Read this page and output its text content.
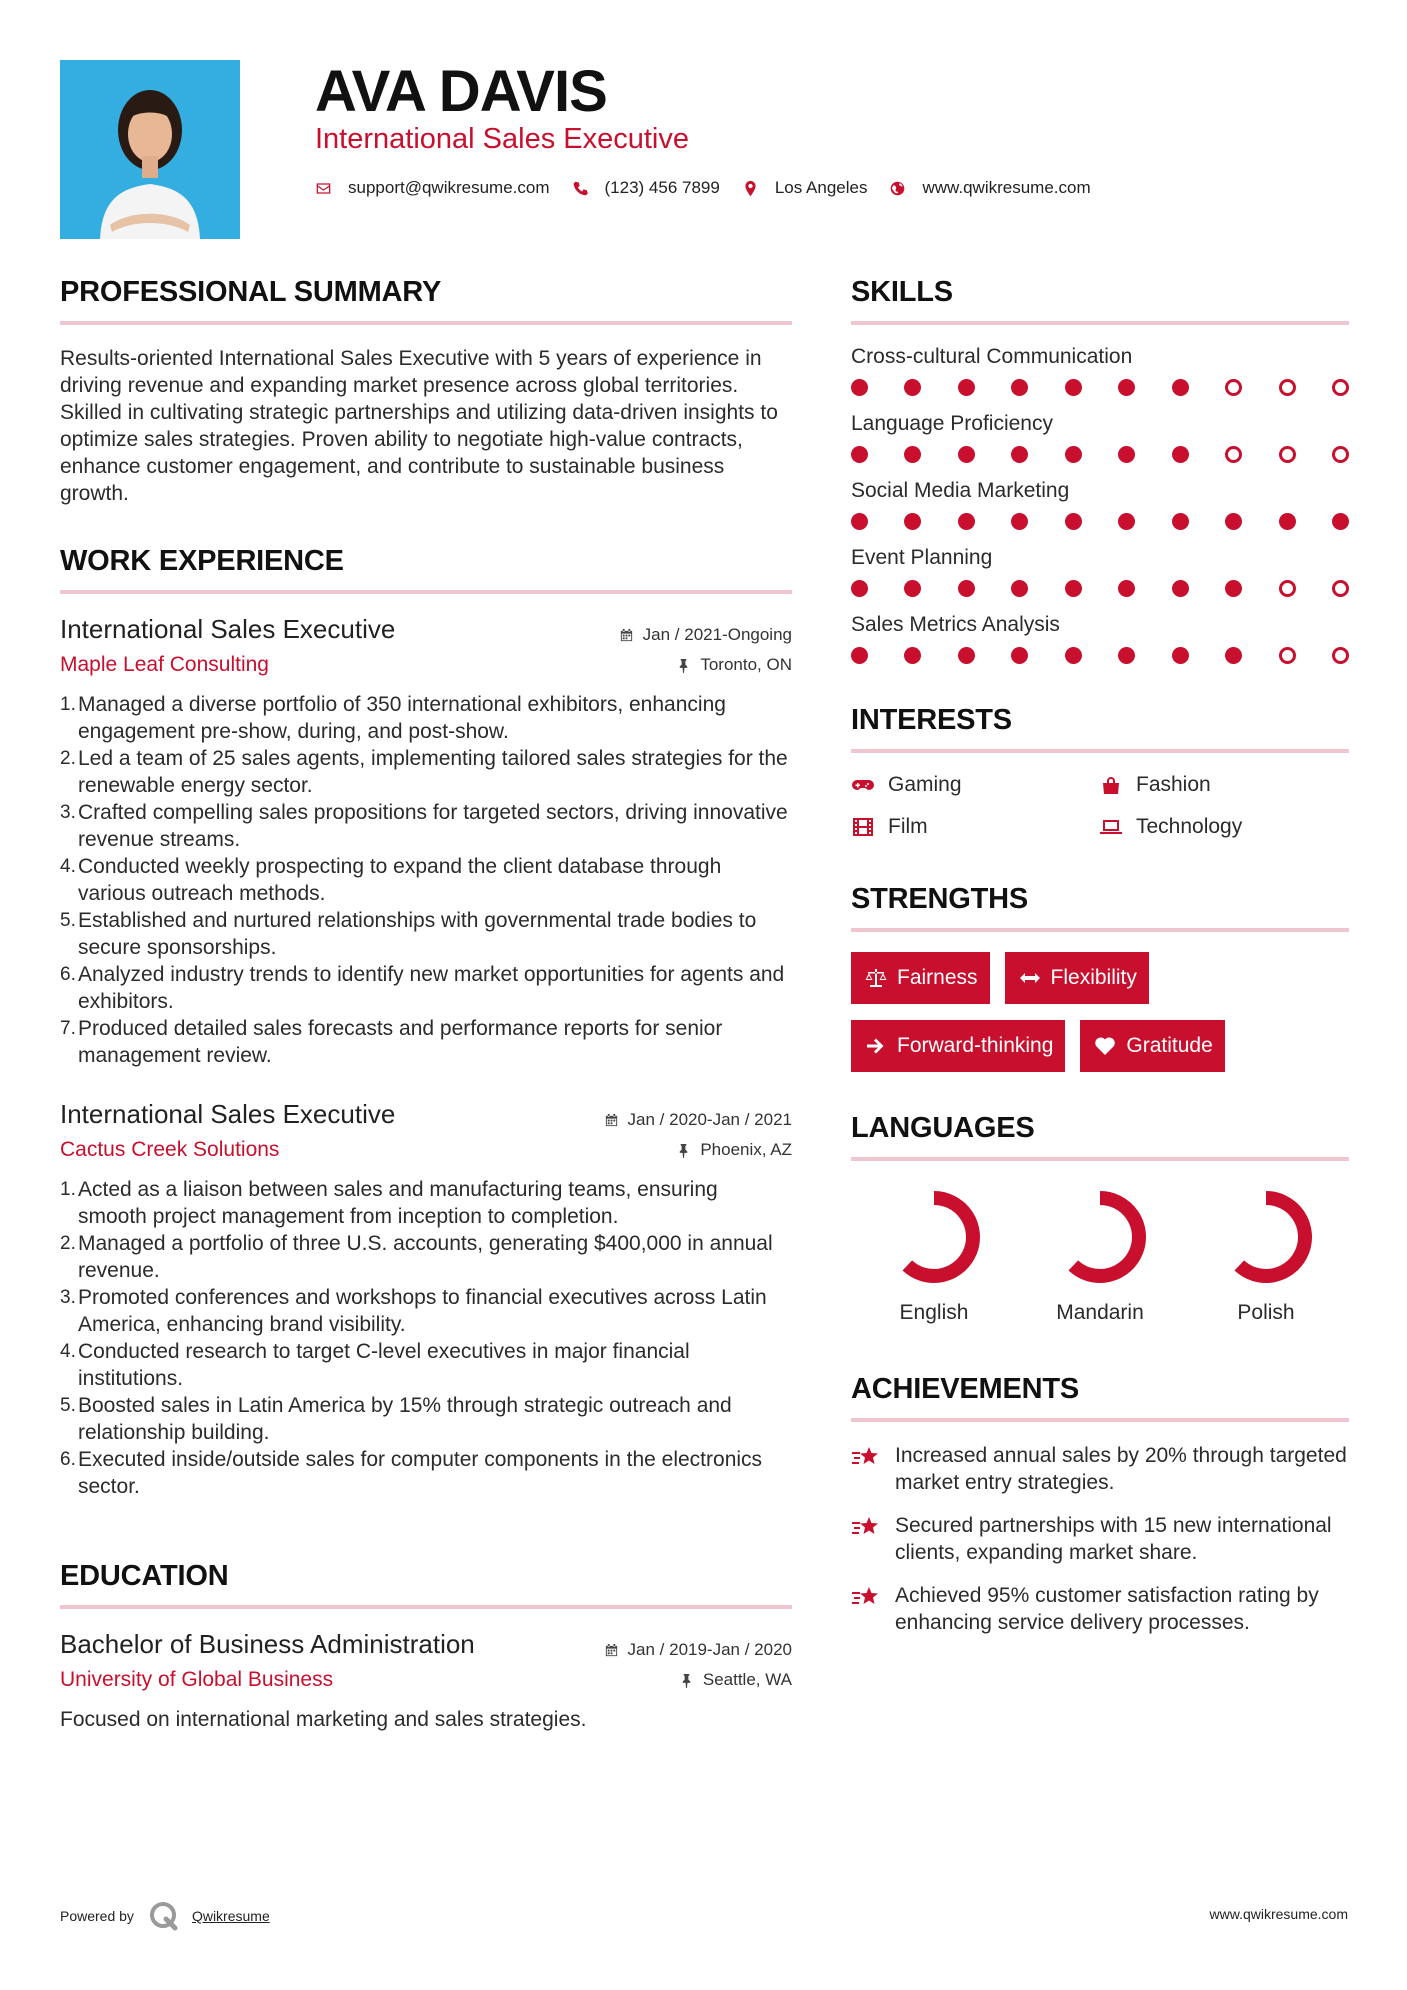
AVA DAVIS
International Sales Executive
support@qwikresume.com	(123) 456 7899	Los Angeles	www.qwikresume.com
PROFESSIONAL SUMMARY

Results-oriented International Sales Executive with 5 years of experience in driving revenue and expanding market presence across global territories. Skilled in cultivating strategic partnerships and utilizing data-driven insights to optimize sales strategies. Proven ability to negotiate high-value contracts, enhance customer engagement, and contribute to sustainable business growth.

WORK EXPERIENCE
International Sales Executive	Jan / 2021-Ongoing
Maple Leaf Consulting	Toronto, ON
Managed a diverse portfolio of 350 international exhibitors, enhancing engagement pre-show, during, and post-show.
Led a team of 25 sales agents, implementing tailored sales strategies for the renewable energy sector.
Crafted compelling sales propositions for targeted sectors, driving innovative revenue streams.
Conducted weekly prospecting to expand the client database through various outreach methods.
Established and nurtured relationships with governmental trade bodies to secure sponsorships.
Analyzed industry trends to identify new market opportunities for agents and exhibitors.
Produced detailed sales forecasts and performance reports for senior management review.
International Sales Executive	Jan / 2020-Jan / 2021
Cactus Creek Solutions	Phoenix, AZ
Acted as a liaison between sales and manufacturing teams, ensuring smooth project management from inception to completion.
Managed a portfolio of three U.S. accounts, generating $400,000 in annual revenue.
Promoted conferences and workshops to financial executives across Latin America, enhancing brand visibility.
Conducted research to target C-level executives in major financial institutions.
Boosted sales in Latin America by 15% through strategic outreach and relationship building.
Executed inside/outside sales for computer components in the electronics sector.
EDUCATION
Bachelor of Business Administration	Jan / 2019-Jan / 2020
University of Global Business	Seattle, WA

Focused on international marketing and sales strategies.

SKILLS
Cross-cultural Communication
Language Proficiency
Social Media Marketing
Event Planning
Sales Metrics Analysis
INTERESTS
Gaming	Fashion
Film	Technology
STRENGTHS
Fairness	Flexibility
Forward-thinking	Gratitude
LANGUAGES
English	Mandarin	Polish
ACHIEVEMENTS
Increased annual sales by 20% through targeted market entry strategies.
Secured partnerships with 15 new international clients, expanding market share.
Achieved 95% customer satisfaction rating by enhancing service delivery processes.
Powered by	Qwikresume	www.qwikresume.com
